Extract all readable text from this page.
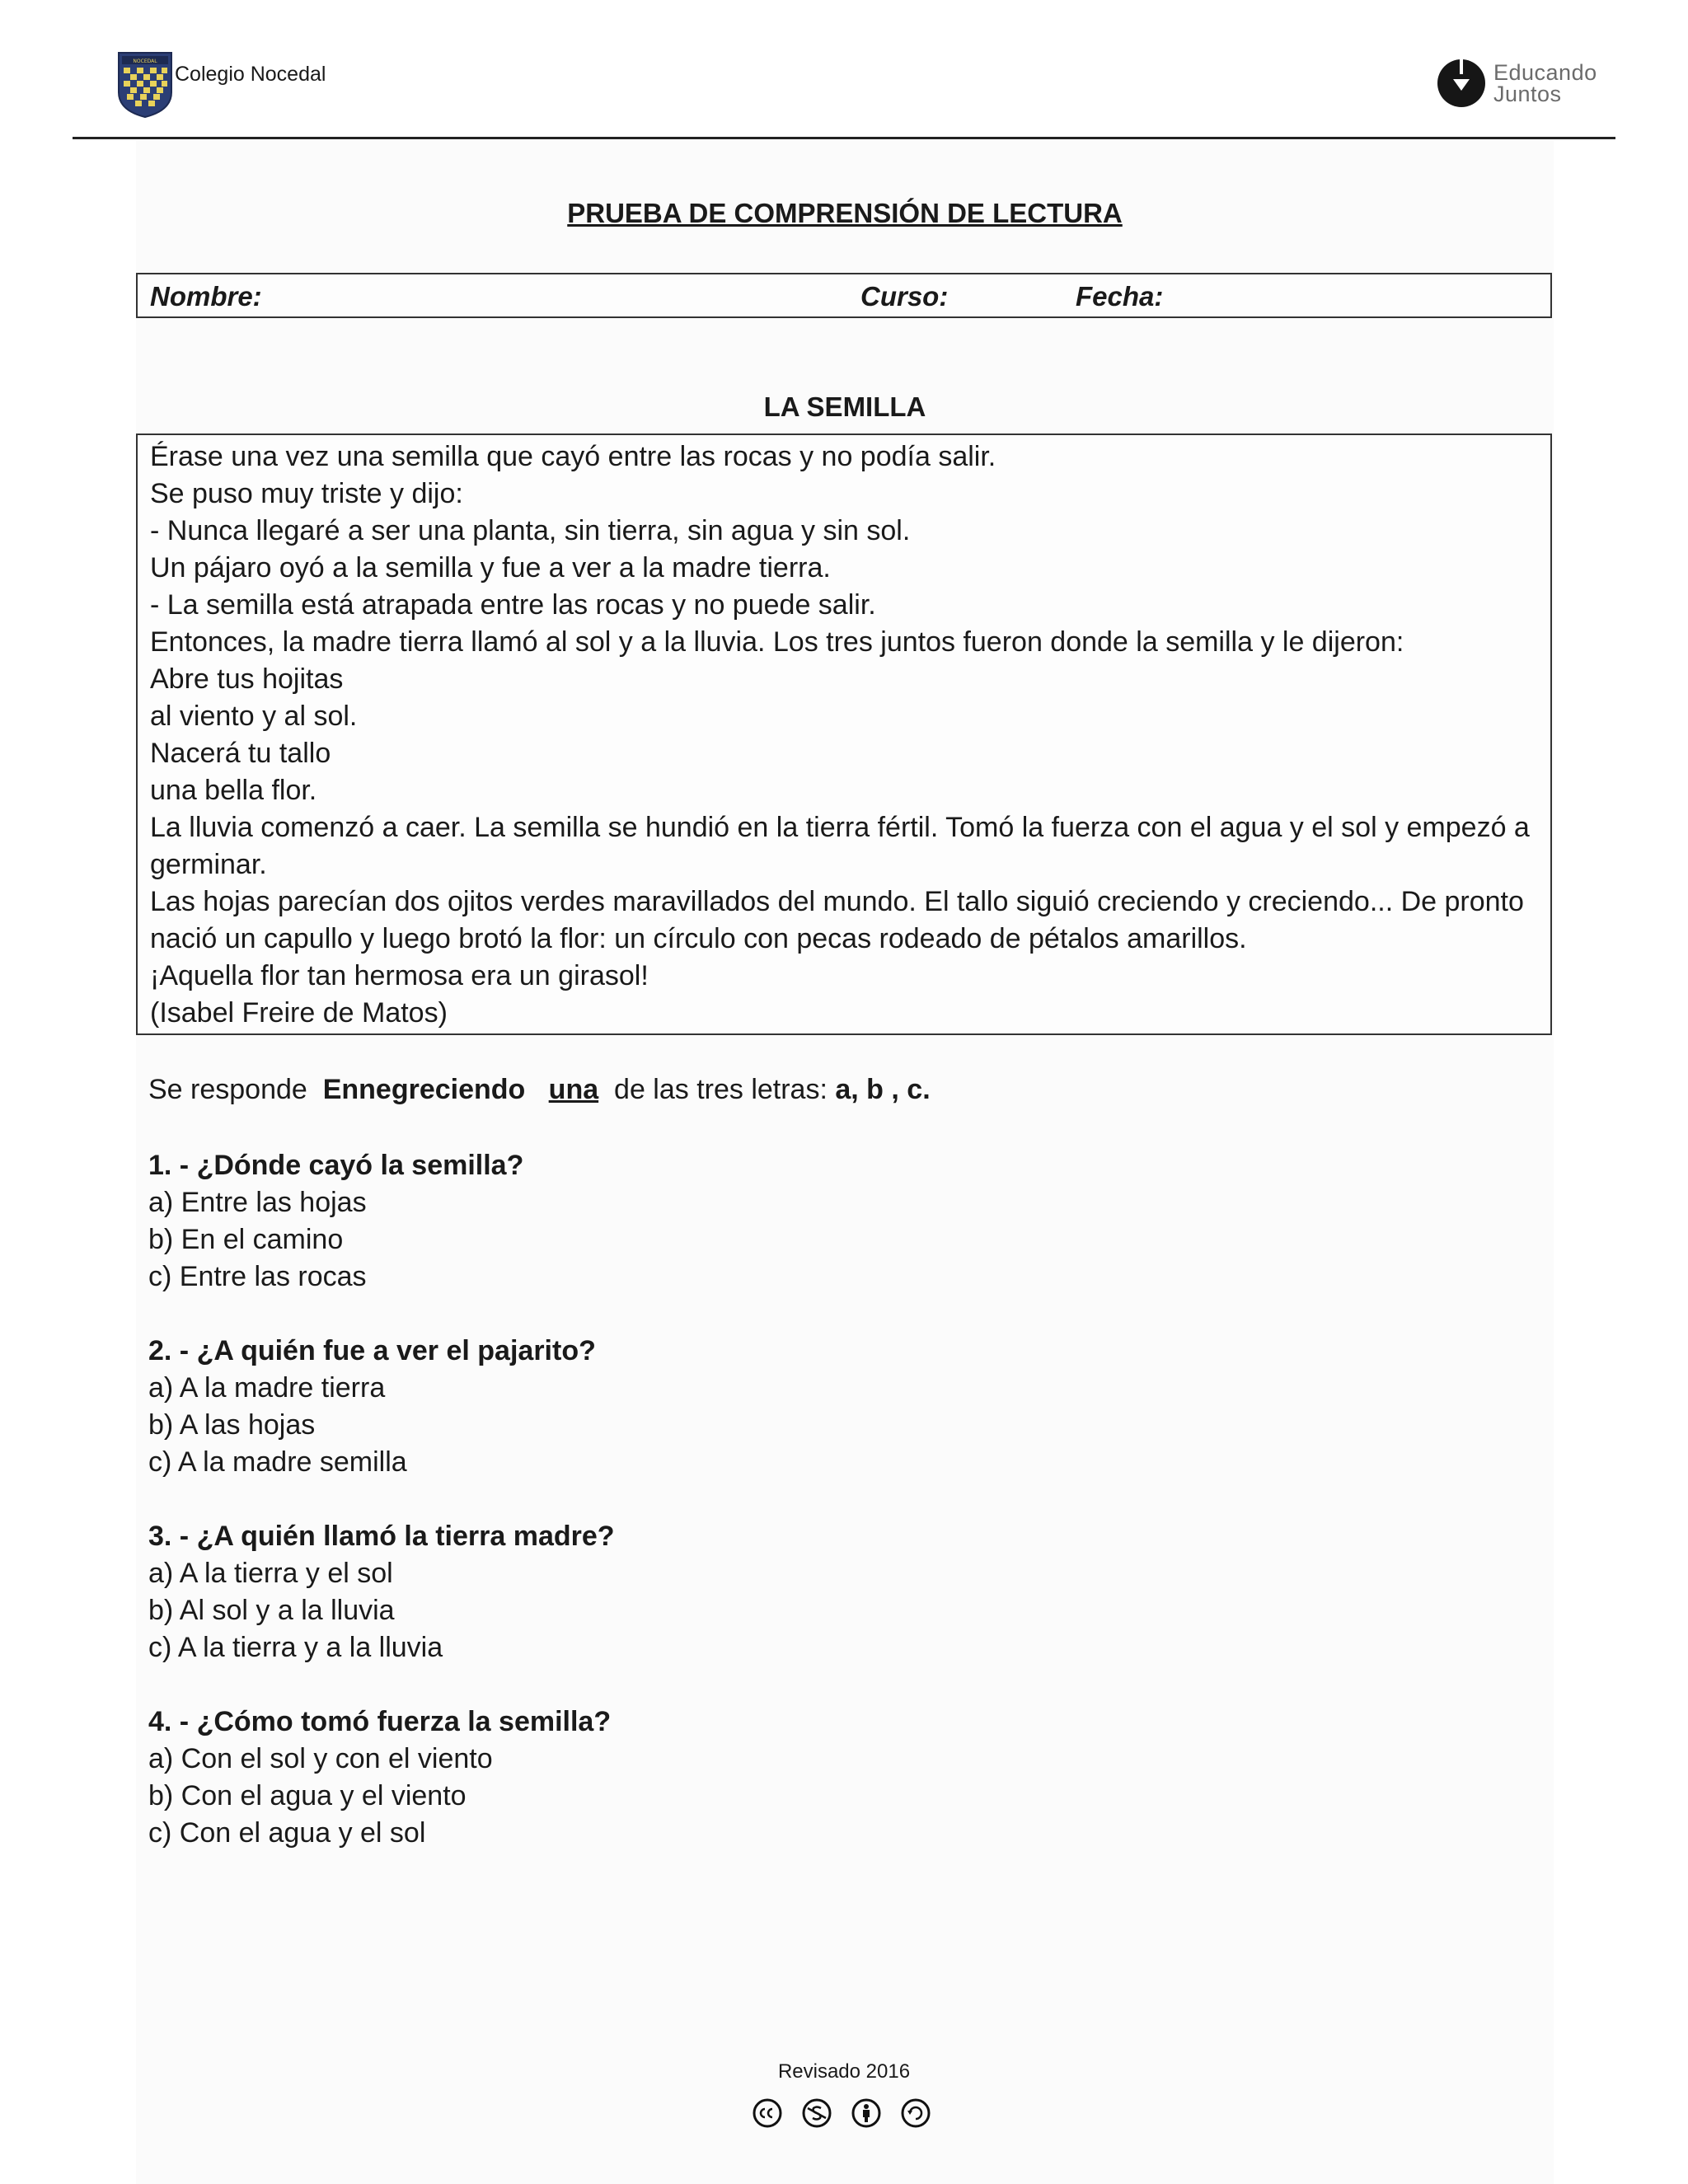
NOCEDAL
Colegio Nocedal	Educando
Juntos
PRUEBA DE COMPRENSIÓN DE LECTURA
Nombre:	Curso:	Fecha:
LA SEMILLA
Érase una vez una semilla que cayó entre las rocas y no podía salir.
Se puso muy triste y dijo:
- Nunca llegaré a ser una planta, sin tierra, sin agua y sin sol.
Un pájaro oyó a la semilla y fue a ver a la madre tierra.
- La semilla está atrapada entre las rocas y no puede salir.
Entonces, la madre tierra llamó al sol y a la lluvia. Los tres juntos fueron donde la semilla y le dijeron:
Abre tus hojitas
al viento y al sol.
Nacerá tu tallo
una bella flor.
La lluvia comenzó a caer. La semilla se hundió en la tierra fértil. Tomó la fuerza con el agua y el sol y empezó a
germinar.
Las hojas parecían dos ojitos verdes maravillados del mundo. El tallo siguió creciendo y creciendo... De pronto
nació un capullo y luego brotó la flor: un círculo con pecas rodeado de pétalos amarillos.
¡Aquella flor tan hermosa era un girasol!
(Isabel Freire de Matos)
Se responde Ennegreciendo una de las tres letras: a, b , c.
1. - ¿Dónde cayó la semilla?
a) Entre las hojas
b) En el camino
c) Entre las rocas
2. - ¿A quién fue a ver el pajarito?
a) A la madre tierra
b) A las hojas
c) A la madre semilla
3. - ¿A quién llamó la tierra madre?
a) A la tierra y el sol
b) Al sol y a la lluvia
c) A la tierra y a la lluvia
4. - ¿Cómo tomó fuerza la semilla?
a) Con el sol y con el viento
b) Con el agua y el viento
c) Con el agua y el sol
Revisado 2016
